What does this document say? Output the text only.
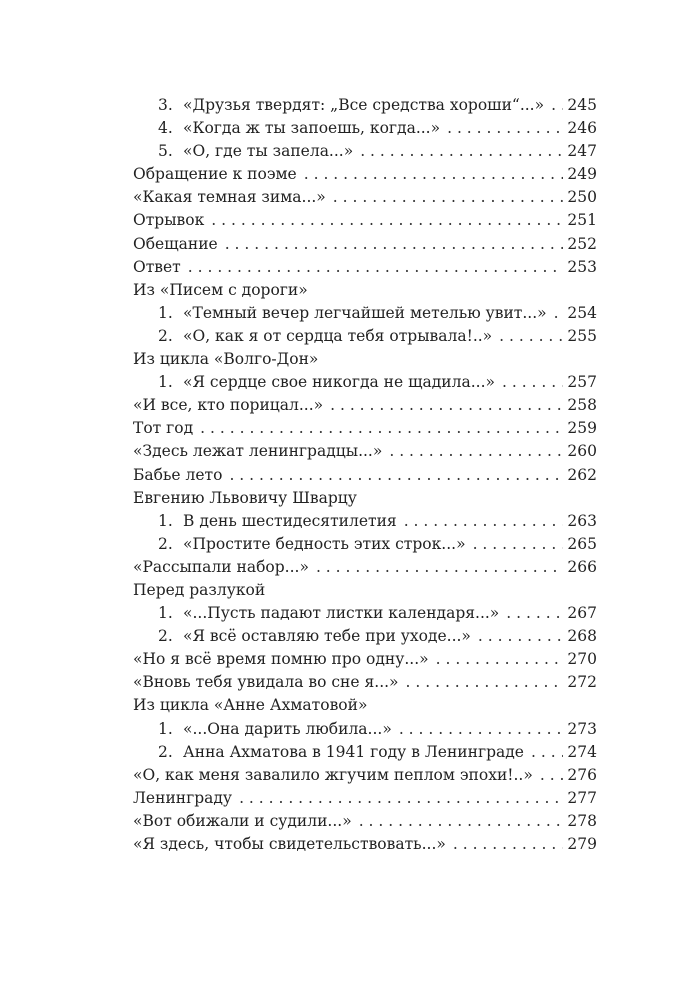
3. «Друзья твердят: „Все средства хороши“...» . . . 245
4. «Когда ж ты запоешь, когда...» . . .	246
5. «О, где ты запела...» . . .	247
Обращение к поэме . . .	249
«Какая темная зима...» . . .	250
Отрывок . . .	251
Обещание . . .	252
Ответ . . .	253
Из «Писем с дороги»
1. «Темный вечер легчайшей метелью увит...» . . . 254
2. «О, как я от сердца тебя отрывала!..» . . .	255
Из цикла «Волго-Дон»
1. «Я сердце свое никогда не щадила...» . . .	257
«И все, кто порицал...» . . .	258
Тот год . . .	259
«Здесь лежат ленинградцы...» . . .	260
Бабье лето . . .	262
Евгению Львовичу Шварцу
1. В день шестидесятилетия . . .	263
2. «Простите бедность этих строк...» . . .	265
«Рассыпали набор...» . . .	266
Перед разлукой
1. «...Пусть падают листки календаря...» . . .	267
2. «Я всё оставляю тебе при уходе...» . . .	268
«Но я всё время помню про одну...» . . .	270
«Вновь тебя увидала во сне я...» . . .	272
Из цикла «Анне Ахматовой»
1. «...Она дарить любила...» . . .	273
2. Анна Ахматова в 1941 году в Ленинграде . . .	274
«О, как меня завалило жгучим пеплом эпохи!..» . . . 276
Ленинграду . . .	277
«Вот обижали и судили...» . . .	278
«Я здесь, чтобы свидетельствовать...» . . .	279
